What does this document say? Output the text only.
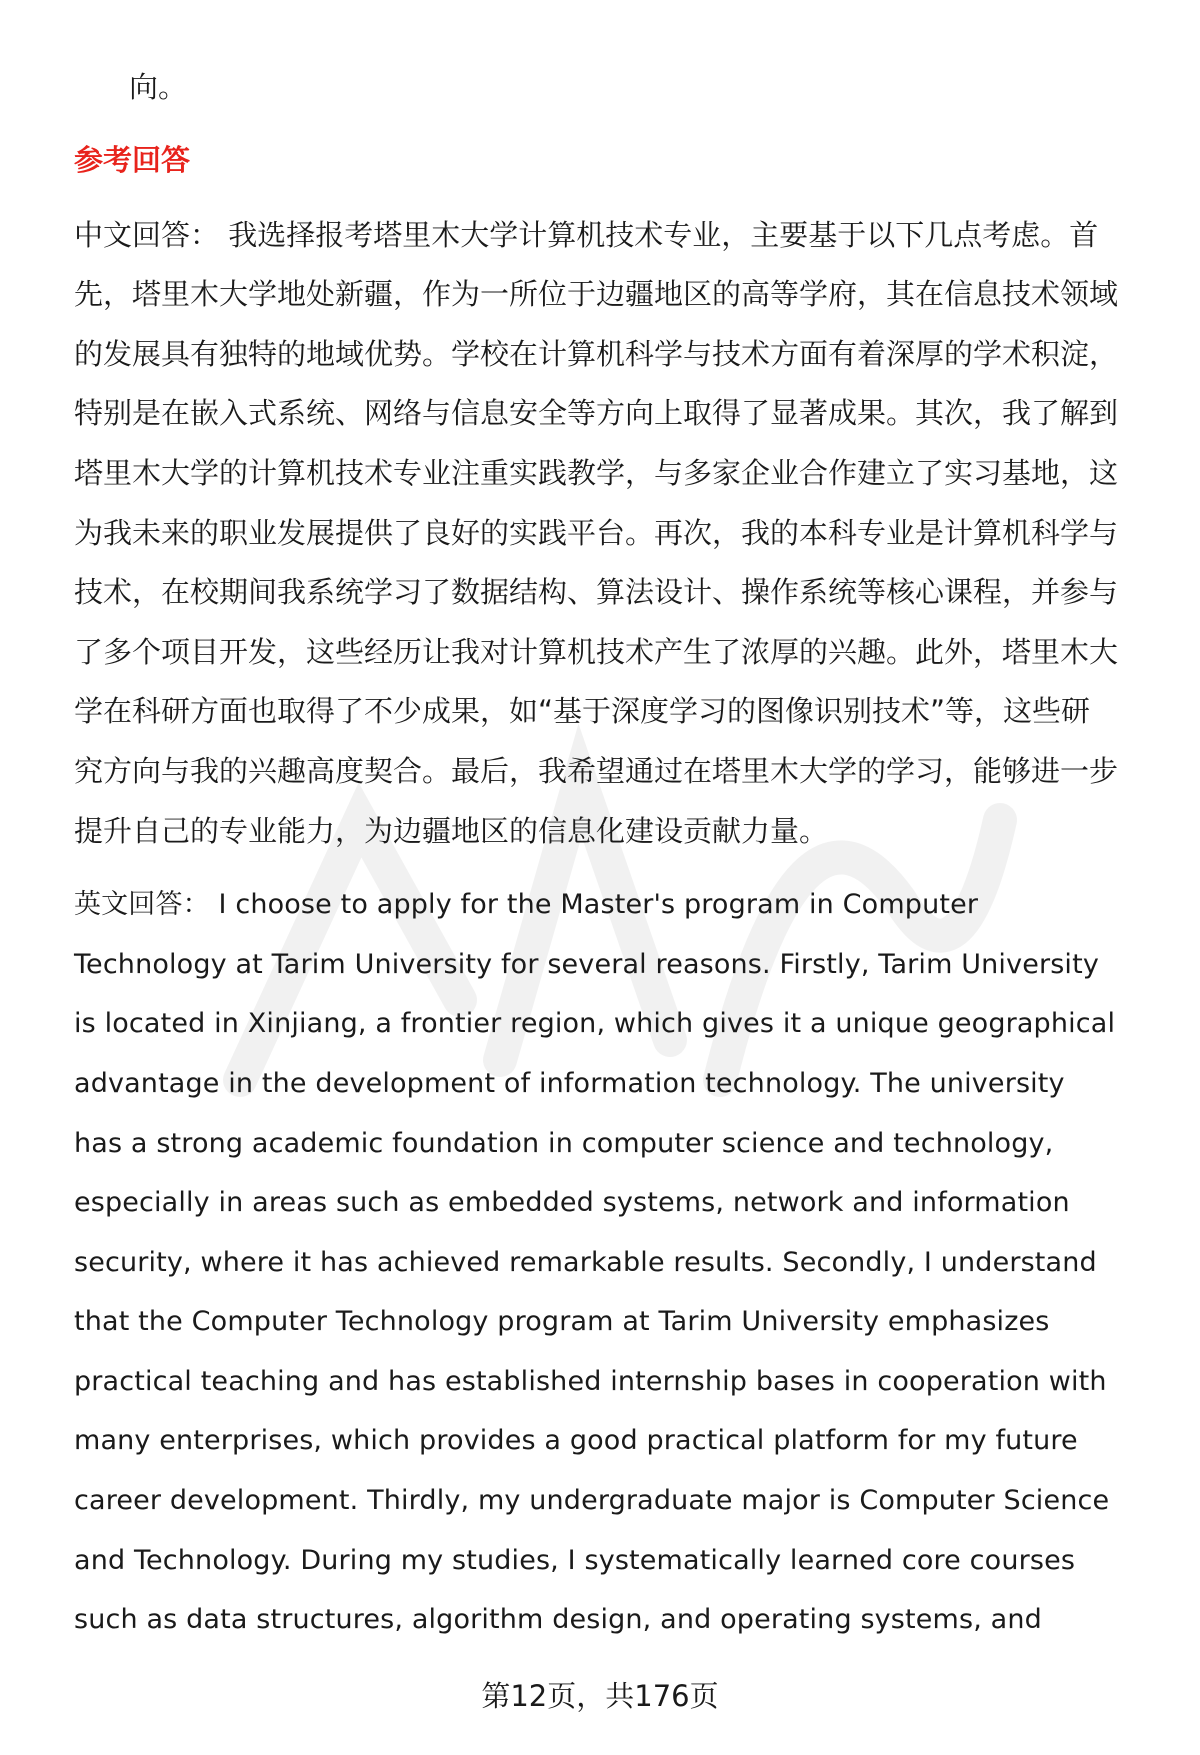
向。
参考回答
中文回答： 我选择报考塔里木大学计算机技术专业，主要基于以下几点考虑。首
先，塔里木大学地处新疆，作为一所位于边疆地区的高等学府，其在信息技术领域
的发展具有独特的地域优势。学校在计算机科学与技术方面有着深厚的学术积淀，
特别是在嵌入式系统、网络与信息安全等方向上取得了显著成果。其次，我了解到
塔里木大学的计算机技术专业注重实践教学，与多家企业合作建立了实习基地，这
为我未来的职业发展提供了良好的实践平台。再次，我的本科专业是计算机科学与
技术，在校期间我系统学习了数据结构、算法设计、操作系统等核心课程，并参与
了多个项目开发，这些经历让我对计算机技术产生了浓厚的兴趣。此外，塔里木大
学在科研方面也取得了不少成果，如“基于深度学习的图像识别技术”等，这些研
究方向与我的兴趣高度契合。最后，我希望通过在塔里木大学的学习，能够进一步
提升自己的专业能力，为边疆地区的信息化建设贡献力量。
英文回答： I choose to apply for the Master's program in Computer
Technology at Tarim University for several reasons. Firstly, Tarim University
is located in Xinjiang, a frontier region, which gives it a unique geographical
advantage in the development of information technology. The university
has a strong academic foundation in computer science and technology,
especially in areas such as embedded systems, network and information
security, where it has achieved remarkable results. Secondly, I understand
that the Computer Technology program at Tarim University emphasizes
practical teaching and has established internship bases in cooperation with
many enterprises, which provides a good practical platform for my future
career development. Thirdly, my undergraduate major is Computer Science
and Technology. During my studies, I systematically learned core courses
such as data structures, algorithm design, and operating systems, and
第12页，共176页
